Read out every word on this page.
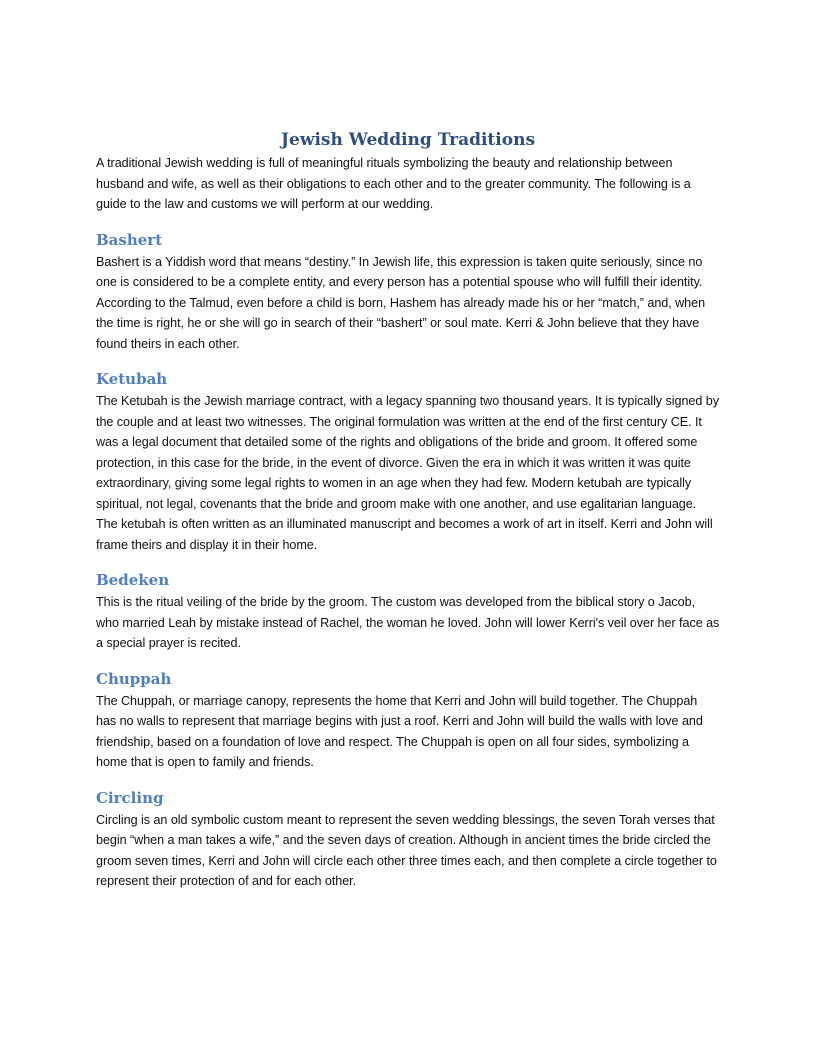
Jewish Wedding Traditions

A traditional Jewish wedding is full of meaningful rituals symbolizing the beauty and relationship between husband and wife, as well as their obligations to each other and to the greater community. The following is a guide to the law and customs we will perform at our wedding.

Bashert

Bashert is a Yiddish word that means “destiny.” In Jewish life, this expression is taken quite seriously, since no one is considered to be a complete entity, and every person has a potential spouse who will fulfill their identity. According to the Talmud, even before a child is born, Hashem has already made his or her “match,” and, when the time is right, he or she will go in search of their “bashert” or soul mate. Kerri & John believe that they have found theirs in each other.

Ketubah

The Ketubah is the Jewish marriage contract, with a legacy spanning two thousand years. It is typically signed by the couple and at least two witnesses. The original formulation was written at the end of the first century CE. It was a legal document that detailed some of the rights and obligations of the bride and groom. It offered some protection, in this case for the bride, in the event of divorce. Given the era in which it was written it was quite extraordinary, giving some legal rights to women in an age when they had few. Modern ketubah are typically spiritual, not legal, covenants that the bride and groom make with one another, and use egalitarian language. The ketubah is often written as an illuminated manuscript and becomes a work of art in itself. Kerri and John will frame theirs and display it in their home.

Bedeken

This is the ritual veiling of the bride by the groom. The custom was developed from the biblical story o Jacob, who married Leah by mistake instead of Rachel, the woman he loved. John will lower Kerri's veil over her face as a special prayer is recited.

Chuppah

The Chuppah, or marriage canopy, represents the home that Kerri and John will build together. The Chuppah has no walls to represent that marriage begins with just a roof. Kerri and John will build the walls with love and friendship, based on a foundation of love and respect. The Chuppah is open on all four sides, symbolizing a home that is open to family and friends.

Circling

Circling is an old symbolic custom meant to represent the seven wedding blessings, the seven Torah verses that begin “when a man takes a wife,” and the seven days of creation. Although in ancient times the bride circled the groom seven times, Kerri and John will circle each other three times each, and then complete a circle together to represent their protection of and for each other.
